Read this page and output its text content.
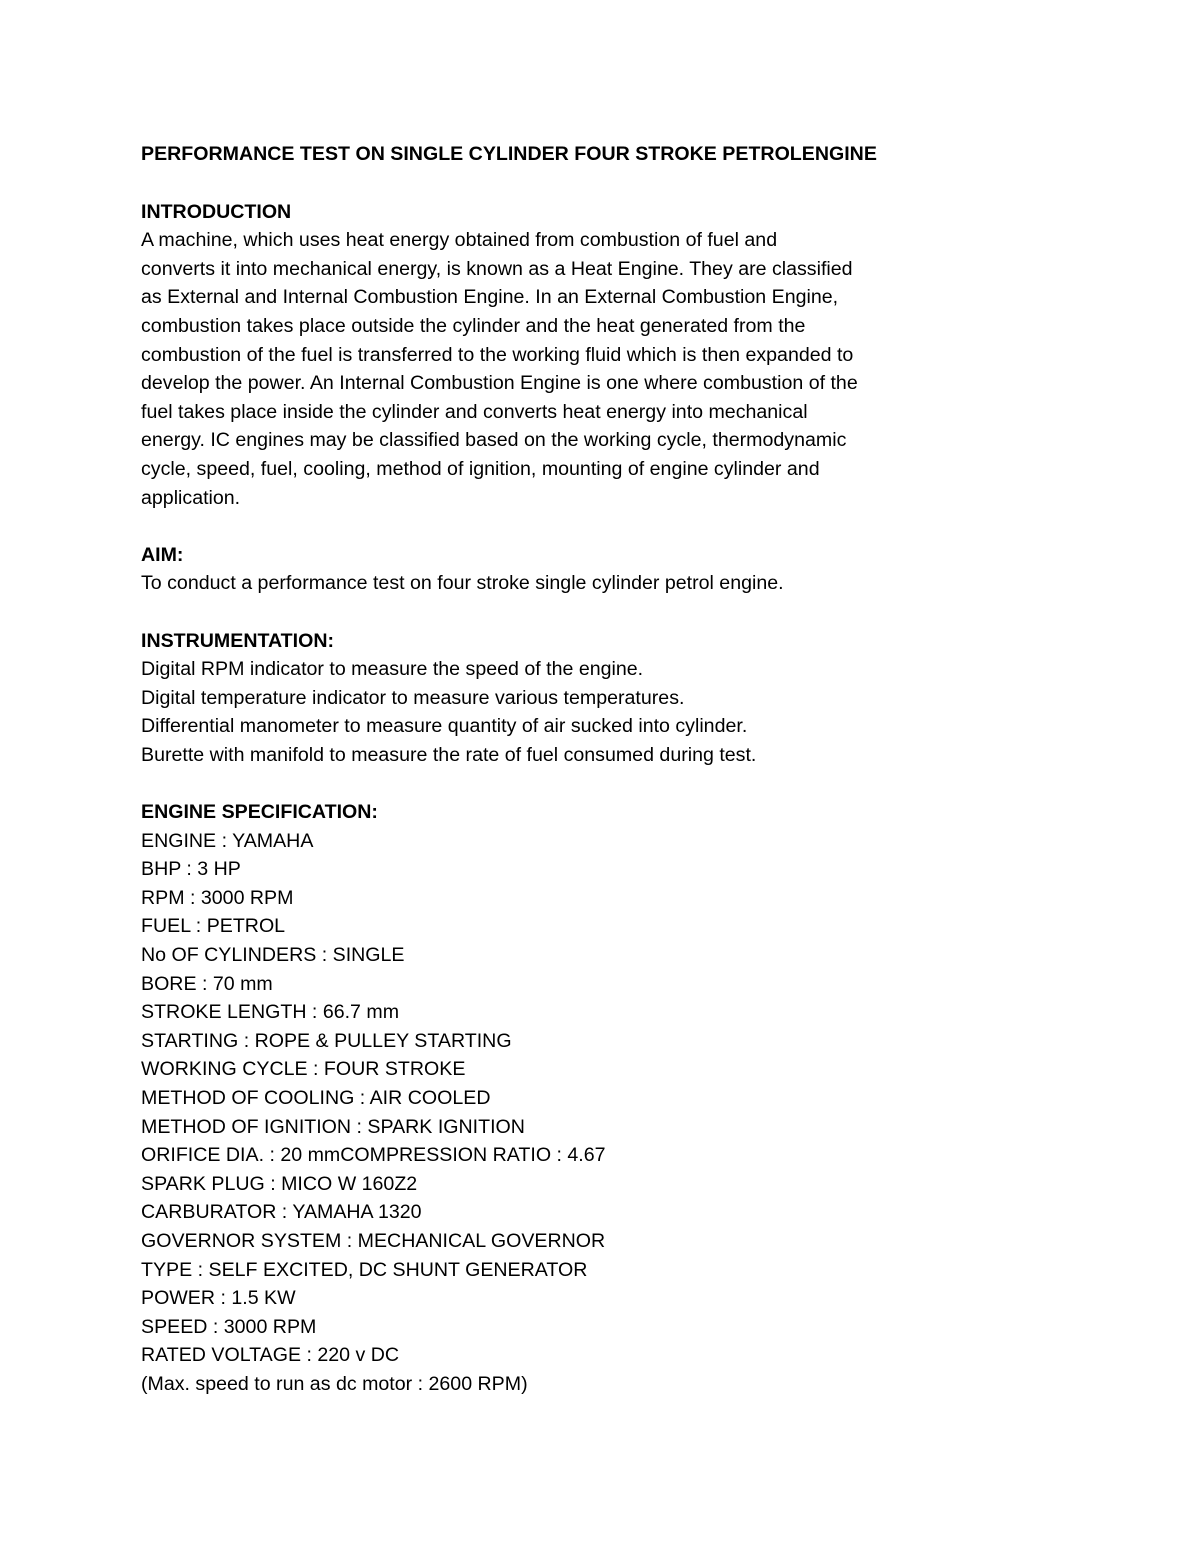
PERFORMANCE TEST ON SINGLE CYLINDER FOUR STROKE PETROLENGINE
INTRODUCTION
A machine, which uses heat energy obtained from combustion of fuel and
converts it into mechanical energy, is known as a Heat Engine. They are classified
as External and Internal Combustion Engine. In an External Combustion Engine,
combustion takes place outside the cylinder and the heat generated from the
combustion of the fuel is transferred to the working fluid which is then expanded to
develop the power. An Internal Combustion Engine is one where combustion of the
fuel takes place inside the cylinder and converts heat energy into mechanical
energy. IC engines may be classified based on the working cycle, thermodynamic
cycle, speed, fuel, cooling, method of ignition, mounting of engine cylinder and
application.
AIM:
To conduct a performance test on four stroke single cylinder petrol engine.
INSTRUMENTATION:
Digital RPM indicator to measure the speed of the engine.
Digital temperature indicator to measure various temperatures.
Differential manometer to measure quantity of air sucked into cylinder.
Burette with manifold to measure the rate of fuel consumed during test.
ENGINE SPECIFICATION:
ENGINE : YAMAHA
BHP : 3 HP
RPM : 3000 RPM
FUEL : PETROL
No OF CYLINDERS : SINGLE
BORE : 70 mm
STROKE LENGTH : 66.7 mm
STARTING : ROPE & PULLEY STARTING
WORKING CYCLE : FOUR STROKE
METHOD OF COOLING : AIR COOLED
METHOD OF IGNITION : SPARK IGNITION
ORIFICE DIA. : 20 mmCOMPRESSION RATIO : 4.67
SPARK PLUG : MICO W 160Z2
CARBURATOR : YAMAHA 1320
GOVERNOR SYSTEM : MECHANICAL GOVERNOR
TYPE : SELF EXCITED, DC SHUNT GENERATOR
POWER : 1.5 KW
SPEED : 3000 RPM
RATED VOLTAGE : 220 v DC
(Max. speed to run as dc motor : 2600 RPM)
